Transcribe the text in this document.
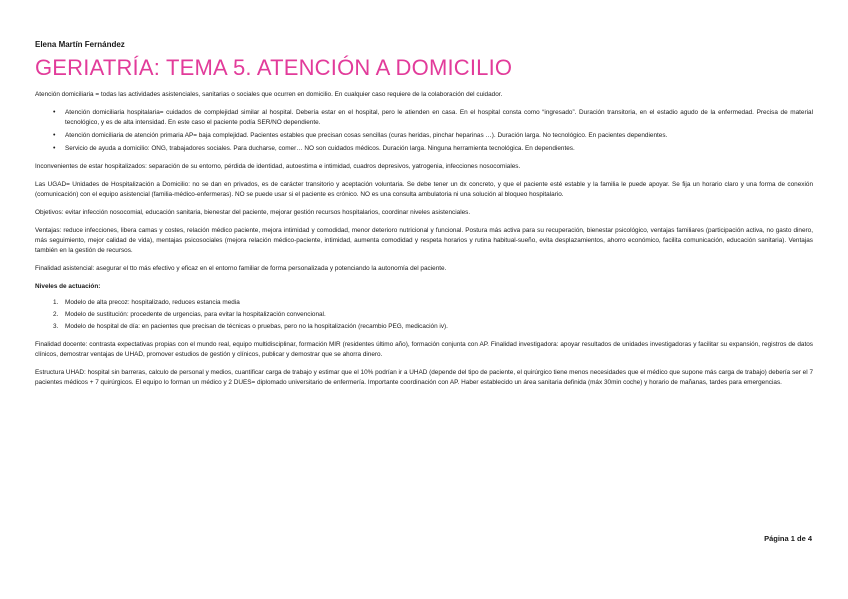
Elena Martín Fernández

GERIATRÍA: TEMA 5. ATENCIÓN A DOMICILIO

Atención domiciliaria = todas las actividades asistenciales, sanitarias o sociales que ocurren en domicilio. En cualquier caso requiere de la colaboración del cuidador.

• Atención domiciliaria hospitalaria= cuidados de complejidad similar al hospital. Debería estar en el hospital, pero le atienden en casa. En el hospital consta como “ingresado”. Duración transitoria, en el estadio agudo de la enfermedad. Precisa de material tecnológico, y es de alta intensidad. En este caso el paciente podía SER/NO dependiente.
• Atención domiciliaria de atención primaria AP= baja complejidad. Pacientes estables que precisan cosas sencillas (curas heridas, pinchar heparinas …). Duración larga. No tecnológico. En pacientes dependientes.
• Servicio de ayuda a domicilio: ONG, trabajadores sociales. Para ducharse, comer… NO son cuidados médicos. Duración larga. Ninguna herramienta tecnológica. En dependientes.

Inconvenientes de estar hospitalizados: separación de su entorno, pérdida de identidad, autoestima e intimidad, cuadros depresivos, yatrogenia, infecciones nosocomiales.

Las UGAD= Unidades de Hospitalización a Domicilio: no se dan en privados, es de carácter transitorio y aceptación voluntaria. Se debe tener un dx concreto, y que el paciente esté estable y la familia le puede apoyar. Se fija un horario claro y una forma de conexión (comunicación) con el equipo asistencial (familia-médico-enfermeras). NO se puede usar si el paciente es crónico. NO es una consulta ambulatoria ni una solución al bloqueo hospitalario.

Objetivos: evitar infección nosocomial, educación sanitaria, bienestar del paciente, mejorar gestión recursos hospitalarios, coordinar niveles asistenciales.

Ventajas: reduce infecciones, libera camas y costes, relación médico paciente, mejora intimidad y comodidad, menor deterioro nutricional y funcional. Postura más activa para su recuperación, bienestar psicológico, ventajas familiares (participación activa, no gasto dinero, más seguimiento, mejor calidad de vida), mentajas psicosociales (mejora relación médico-paciente, intimidad, aumenta comodidad y respeta horarios y rutina habitual-sueño, evita desplazamientos, ahorro económico, facilita comunicación, educación sanitaria). Ventajas también en la gestión de recursos.

Finalidad asistencial: asegurar el tto más efectivo y eficaz en el entorno familiar de forma personalizada y potenciando la autonomía del paciente.

Niveles de actuación:

1. Modelo de alta precoz: hospitalizado, reduces estancia media
2. Modelo de sustitución: procedente de urgencias, para evitar la hospitalización convencional.
3. Modelo de hospital de día: en pacientes que precisan de técnicas o pruebas, pero no la hospitalización (recambio PEG, medicación iv).

Finalidad docente: contrasta expectativas propias con el mundo real, equipo multidisciplinar, formación MIR (residentes último año), formación conjunta con AP. Finalidad investigadora: apoyar resultados de unidades investigadoras y facilitar su expansión, registros de datos clínicos, demostrar ventajas de UHAD, promover estudios de gestión y clínicos, publicar y demostrar que se ahorra dinero.

Estructura UHAD: hospital sin barreras, calculo de personal y medios, cuantificar carga de trabajo y estimar que el 10% podrían ir a UHAD (depende del tipo de paciente, el quirúrgico tiene menos necesidades que el médico que supone más carga de trabajo) debería ser el 7 pacientes médicos + 7 quirúrgicos. El equipo lo forman un médico y 2 DUES= diplomado universitario de enfermería. Importante coordinación con AP. Haber establecido un área sanitaria definida (máx 30min coche) y horario de mañanas, tardes para emergencias.

Página 1 de 4
